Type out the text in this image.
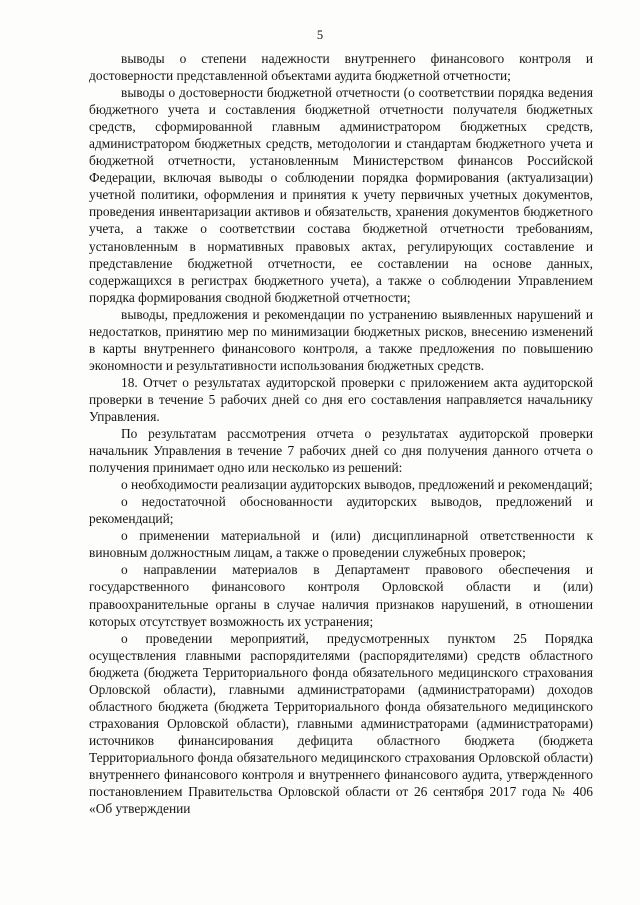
5

выводы о степени надежности внутреннего финансового контроля и достоверности представленной объектами аудита бюджетной отчетности;

выводы о достоверности бюджетной отчетности (о соответствии порядка ведения бюджетного учета и составления бюджетной отчетности получателя бюджетных средств, сформированной главным администратором бюджетных средств, администратором бюджетных средств, методологии и стандартам бюджетного учета и бюджетной отчетности, установленным Министерством финансов Российской Федерации, включая выводы о соблюдении порядка формирования (актуализации) учетной политики, оформления и принятия к учету первичных учетных документов, проведения инвентаризации активов и обязательств, хранения документов бюджетного учета, а также о соответствии состава бюджетной отчетности требованиям, установленным в нормативных правовых актах, регулирующих составление и представление бюджетной отчетности, ее составлении на основе данных, содержащихся в регистрах бюджетного учета), а также о соблюдении Управлением порядка формирования сводной бюджетной отчетности;

выводы, предложения и рекомендации по устранению выявленных нарушений и недостатков, принятию мер по минимизации бюджетных рисков, внесению изменений в карты внутреннего финансового контроля, а также предложения по повышению экономности и результативности использования бюджетных средств.

18. Отчет о результатах аудиторской проверки с приложением акта аудиторской проверки в течение 5 рабочих дней со дня его составления направляется начальнику Управления.

По результатам рассмотрения отчета о результатах аудиторской проверки начальник Управления в течение 7 рабочих дней со дня получения данного отчета о получения принимает одно или несколько из решений:

о необходимости реализации аудиторских выводов, предложений и рекомендаций;

о недостаточной обоснованности аудиторских выводов, предложений и рекомендаций;

о применении материальной и (или) дисциплинарной ответственности к виновным должностным лицам, а также о проведении служебных проверок;

о направлении материалов в Департамент правового обеспечения и государственного финансового контроля Орловской области и (или) правоохранительные органы в случае наличия признаков нарушений, в отношении которых отсутствует возможность их устранения;

о проведении мероприятий, предусмотренных пунктом 25 Порядка осуществления главными распорядителями (распорядителями) средств областного бюджета (бюджета Территориального фонда обязательного медицинского страхования Орловской области), главными администраторами (администраторами) доходов областного бюджета (бюджета Территориального фонда обязательного медицинского страхования Орловской области), главными администраторами (администраторами) источников финансирования дефицита областного бюджета (бюджета Территориального фонда обязательного медицинского страхования Орловской области) внутреннего финансового контроля и внутреннего финансового аудита, утвержденного постановлением Правительства Орловской области от 26 сентября 2017 года № 406 «Об утверждении
